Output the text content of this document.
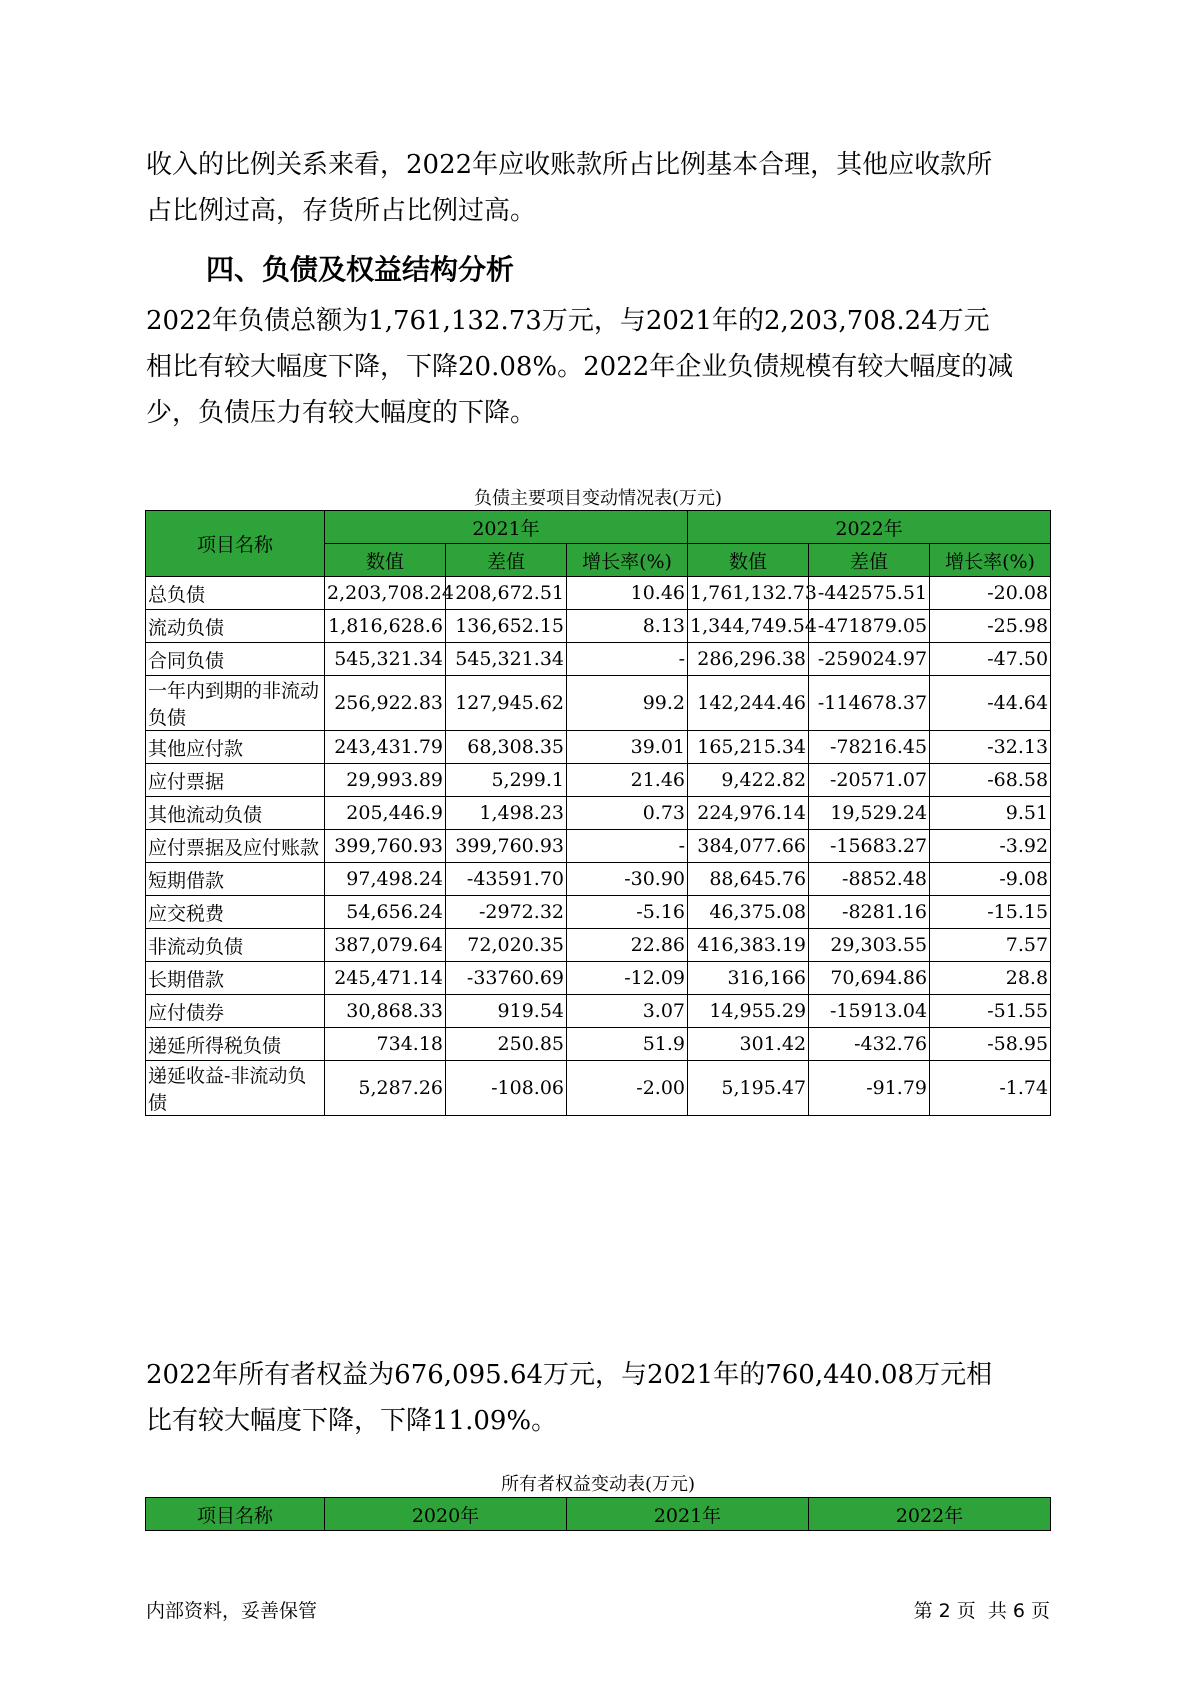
收入的比例关系来看，2022年应收账款所占比例基本合理，其他应收款所
占比例过高，存货所占比例过高。

四、负债及权益结构分析

2022年负债总额为1,761,132.73万元，与2021年的2,203,708.24万元
相比有较大幅度下降，下降20.08%。2022年企业负债规模有较大幅度的减
少，负债压力有较大幅度的下降。

负债主要项目变动情况表(万元)

项目名称	2021年			2022年		
	数值	差值	增长率(%)	数值	差值	增长率(%)
总负债	2,203,708.24	208,672.51	10.46	1,761,132.73	-442575.51	-20.08
流动负债	1,816,628.6	136,652.15	8.13	1,344,749.54	-471879.05	-25.98
合同负债	545,321.34	545,321.34	-	286,296.38	-259024.97	-47.50
一年内到期的非流动负债	256,922.83	127,945.62	99.2	142,244.46	-114678.37	-44.64
其他应付款	243,431.79	68,308.35	39.01	165,215.34	-78216.45	-32.13
应付票据	29,993.89	5,299.1	21.46	9,422.82	-20571.07	-68.58
其他流动负债	205,446.9	1,498.23	0.73	224,976.14	19,529.24	9.51
应付票据及应付账款	399,760.93	399,760.93	-	384,077.66	-15683.27	-3.92
短期借款	97,498.24	-43591.70	-30.90	88,645.76	-8852.48	-9.08
应交税费	54,656.24	-2972.32	-5.16	46,375.08	-8281.16	-15.15
非流动负债	387,079.64	72,020.35	22.86	416,383.19	29,303.55	7.57
长期借款	245,471.14	-33760.69	-12.09	316,166	70,694.86	28.8
应付债券	30,868.33	919.54	3.07	14,955.29	-15913.04	-51.55
递延所得税负债	734.18	250.85	51.9	301.42	-432.76	-58.95
递延收益-非流动负债	5,287.26	-108.06	-2.00	5,195.47	-91.79	-1.74

2022年所有者权益为676,095.64万元，与2021年的760,440.08万元相
比有较大幅度下降，下降11.09%。

所有者权益变动表(万元)

项目名称	2020年	2021年	2022年
内部资料，妥善保管	第 2 页  共 6 页
